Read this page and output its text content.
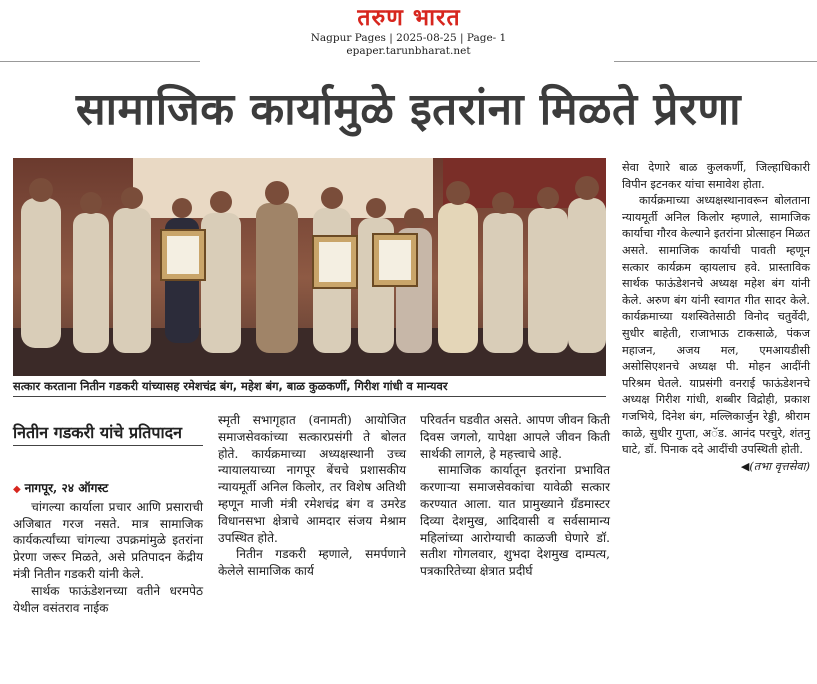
तरुण भारत
Nagpur Pages | 2025-08-25 | Page- 1
epaper.tarunbharat.net
सामाजिक कार्यामुळे इतरांना मिळते प्रेरणा
सत्कार करताना नितीन गडकरी यांच्यासह रमेशचंद्र बंग, महेश बंग, बाळ कुळकर्णी, गिरीश गांधी व मान्यवर
नितीन गडकरी यांचे प्रतिपादन

◆ नागपूर, २४ ऑगस्ट

चांगल्या कार्याला प्रचार आणि प्रसाराची अजिबात गरज नसते. मात्र सामाजिक कार्यकर्त्यांच्या चांगल्या उपक्रमांमुळे इतरांना प्रेरणा जरूर मिळते, असे प्रतिपादन केंद्रीय मंत्री नितीन गडकरी यांनी केले.

सार्थक फाऊंडेशनच्या वतीने धरमपेठ येथील वसंतराव नाईक

स्मृती सभागृहात (वनामती) आयोजित समाजसेवकांच्या सत्कारप्रसंगी ते बोलत होते. कार्यक्रमाच्या अध्यक्षस्थानी उच्च न्यायालयाच्या नागपूर बेंचचे प्रशासकीय न्यायमूर्ती अनिल किलोर, तर विशेष अतिथी म्हणून माजी मंत्री रमेशचंद्र बंग व उमरेड विधानसभा क्षेत्राचे आमदार संजय मेश्राम उपस्थित होते.

नितीन गडकरी म्हणाले, समर्पणाने केलेले सामाजिक कार्य

परिवर्तन घडवीत असते. आपण जीवन किती दिवस जगलो, यापेक्षा आपले जीवन किती सार्थकी लागले, हे महत्त्वाचे आहे.

सामाजिक कार्यातून इतरांना प्रभावित करणाऱ्या समाजसेवकांचा यावेळी सत्कार करण्यात आला. यात प्रामुख्याने ग्रँडमास्टर दिव्या देशमुख, आदिवासी व सर्वसामान्य महिलांच्या आरोग्याची काळजी घेणारे डॉ. सतीश गोगलवार, शुभदा देशमुख दाम्पत्य, पत्रकारितेच्या क्षेत्रात प्रदीर्घ

सेवा देणारे बाळ कुलकर्णी, जिल्हाधिकारी विपीन इटनकर यांचा समावेश होता.

कार्यक्रमाच्या अध्यक्षस्थानावरून बोलताना न्यायमूर्ती अनिल किलोर म्हणाले, सामाजिक कार्याचा गौरव केल्याने इतरांना प्रोत्साहन मिळत असते. सामाजिक कार्याची पावती म्हणून सत्कार कार्यक्रम व्हायलाच हवे. प्रास्ताविक सार्थक फाऊंडेशनचे अध्यक्ष महेश बंग यांनी केले. अरुण बंग यांनी स्वागत गीत सादर केले. कार्यक्रमाच्या यशस्वितेसाठी विनोद चतुर्वेदी, सुधीर बाहेती, राजाभाऊ टाकसाळे, पंकज महाजन, अजय मल, एमआयडीसी असोसिएशनचे अध्यक्ष पी. मोहन आदींनी परिश्रम घेतले. याप्रसंगी वनराई फाऊंडेशनचे अध्यक्ष गिरीश गांधी, शब्बीर विद्रोही, प्रकाश गजभिये, दिनेश बंग, मल्लिकार्जुन रेड्डी, श्रीराम काळे, सुधीर गुप्ता, अॅड. आनंद परचुरे, शंतनु घाटे, डॉ. पिनाक ददे आदींची उपस्थिती होती.

◀(तभा वृत्तसेवा)
